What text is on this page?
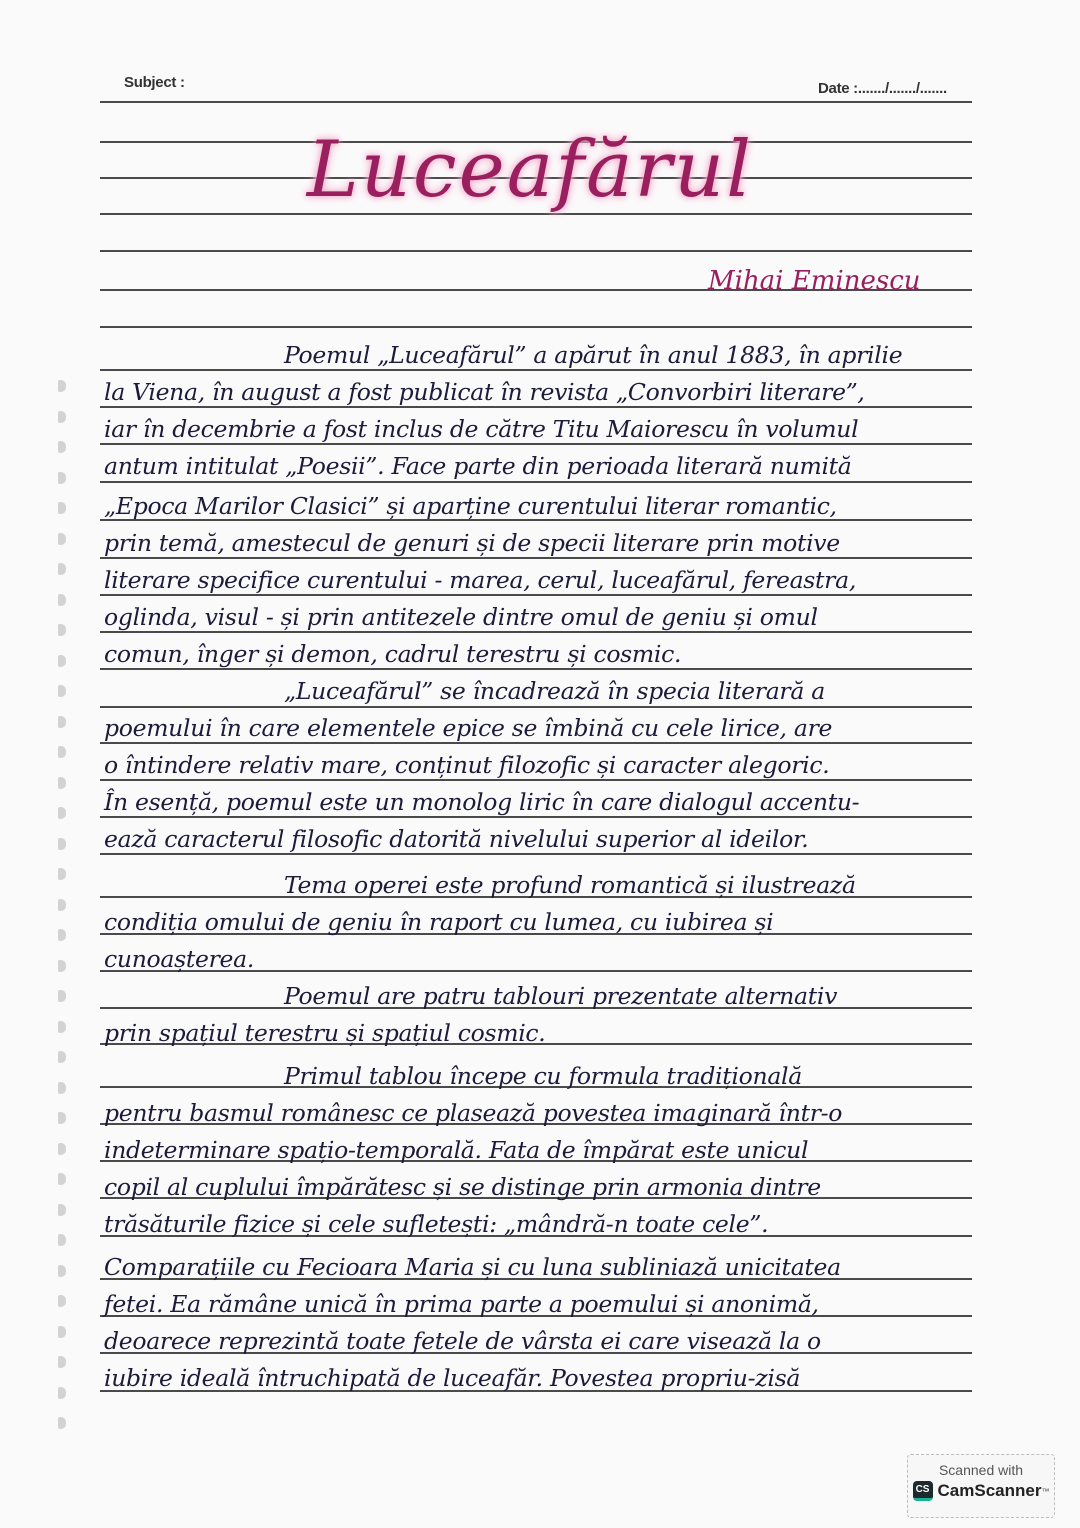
Subject :	Date :......./......./.......
Luceafărul
Mihai Eminescu
Poemul „Luceafărul” a apărut în anul 1883, în aprilie
la Viena, în august a fost publicat în revista „Convorbiri literare”,
iar în decembrie a fost inclus de către Titu Maiorescu în volumul
antum intitulat „Poesii”. Face parte din perioada literară numită
„Epoca Marilor Clasici” și aparține curentului literar romantic,
prin temă, amestecul de genuri și de specii literare prin motive
literare specifice curentului - marea, cerul, luceafărul, fereastra,
oglinda, visul - și prin antitezele dintre omul de geniu și omul
comun, înger și demon, cadrul terestru și cosmic.
„Luceafărul” se încadrează în specia literară a
poemului în care elementele epice se îmbină cu cele lirice, are
o întindere relativ mare, conținut filozofic și caracter alegoric.
În esență, poemul este un monolog liric în care dialogul accentu-
ează caracterul filosofic datorită nivelului superior al ideilor.
Tema operei este profund romantică și ilustrează
condiția omului de geniu în raport cu lumea, cu iubirea și
cunoașterea.
Poemul are patru tablouri prezentate alternativ
prin spațiul terestru și spațiul cosmic.
Primul tablou începe cu formula tradițională
pentru basmul românesc ce plasează povestea imaginară într-o
indeterminare spațio-temporală. Fata de împărat este unicul
copil al cuplului împărătesc și se distinge prin armonia dintre
trăsăturile fizice și cele sufletești: „mândră-n toate cele”.
Comparațiile cu Fecioara Maria și cu luna subliniază unicitatea
fetei. Ea rămâne unică în prima parte a poemului și anonimă,
deoarece reprezintă toate fetele de vârsta ei care visează la o
iubire ideală întruchipată de luceafăr. Povestea propriu-zisă
Scanned with
CS CamScanner ™
